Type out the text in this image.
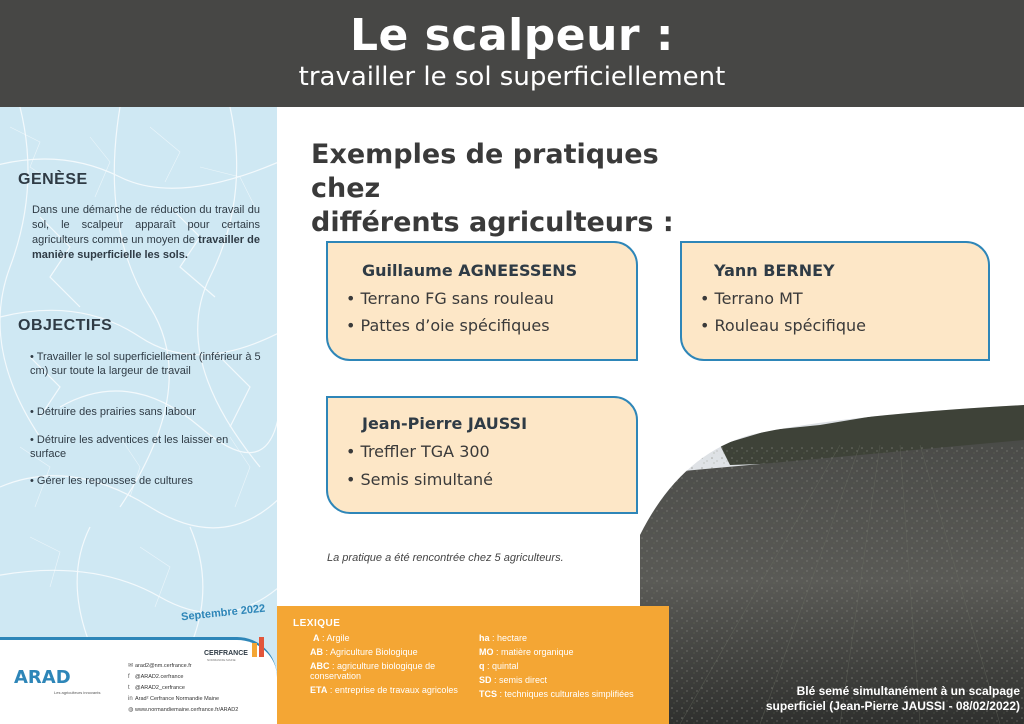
Le scalpeur :
travailler le sol superficiellement
GENÈSE
Dans une démarche de réduction du travail du sol, le scalpeur apparaît pour certains agriculteurs comme un moyen de travailler de manière superficielle les sols.
OBJECTIFS
• Travailler le sol superficiellement (inférieur à 5 cm) sur toute la largeur de travail
• Détruire des prairies sans labour
• Détruire les adventices et les laisser en surface
• Gérer les repousses de cultures
Septembre 2022
ARAD
Les agriculteurs innovants
CERFRANCE
NORMANDIE MAINE
✉ arad2@nm.cerfrance.fr
f @ARAD2.cerfrance
t @ARAD2_cerfrance
in Arad² Cerfrance Normandie Maine
◍ www.normandiemaine.cerfrance.fr/ARAD2
Exemples de pratiques chez
différents agriculteurs :
Guillaume AGNEESSENS
• Terrano FG sans rouleau
• Pattes d’oie spécifiques
Yann BERNEY
• Terrano MT
• Rouleau spécifique
Jean-Pierre JAUSSI
• Treffler TGA 300
• Semis simultané
La pratique a été rencontrée chez 5 agriculteurs.
Blé semé simultanément à un scalpage
superficiel (Jean-Pierre JAUSSI - 08/02/2022)
LEXIQUE
A : Argile
AB : Agriculture Biologique
ABC : agriculture biologique de conservation
ETA : entreprise de travaux agricoles
ha : hectare
MO : matière organique
q : quintal
SD : semis direct
TCS : techniques culturales simplifiées
